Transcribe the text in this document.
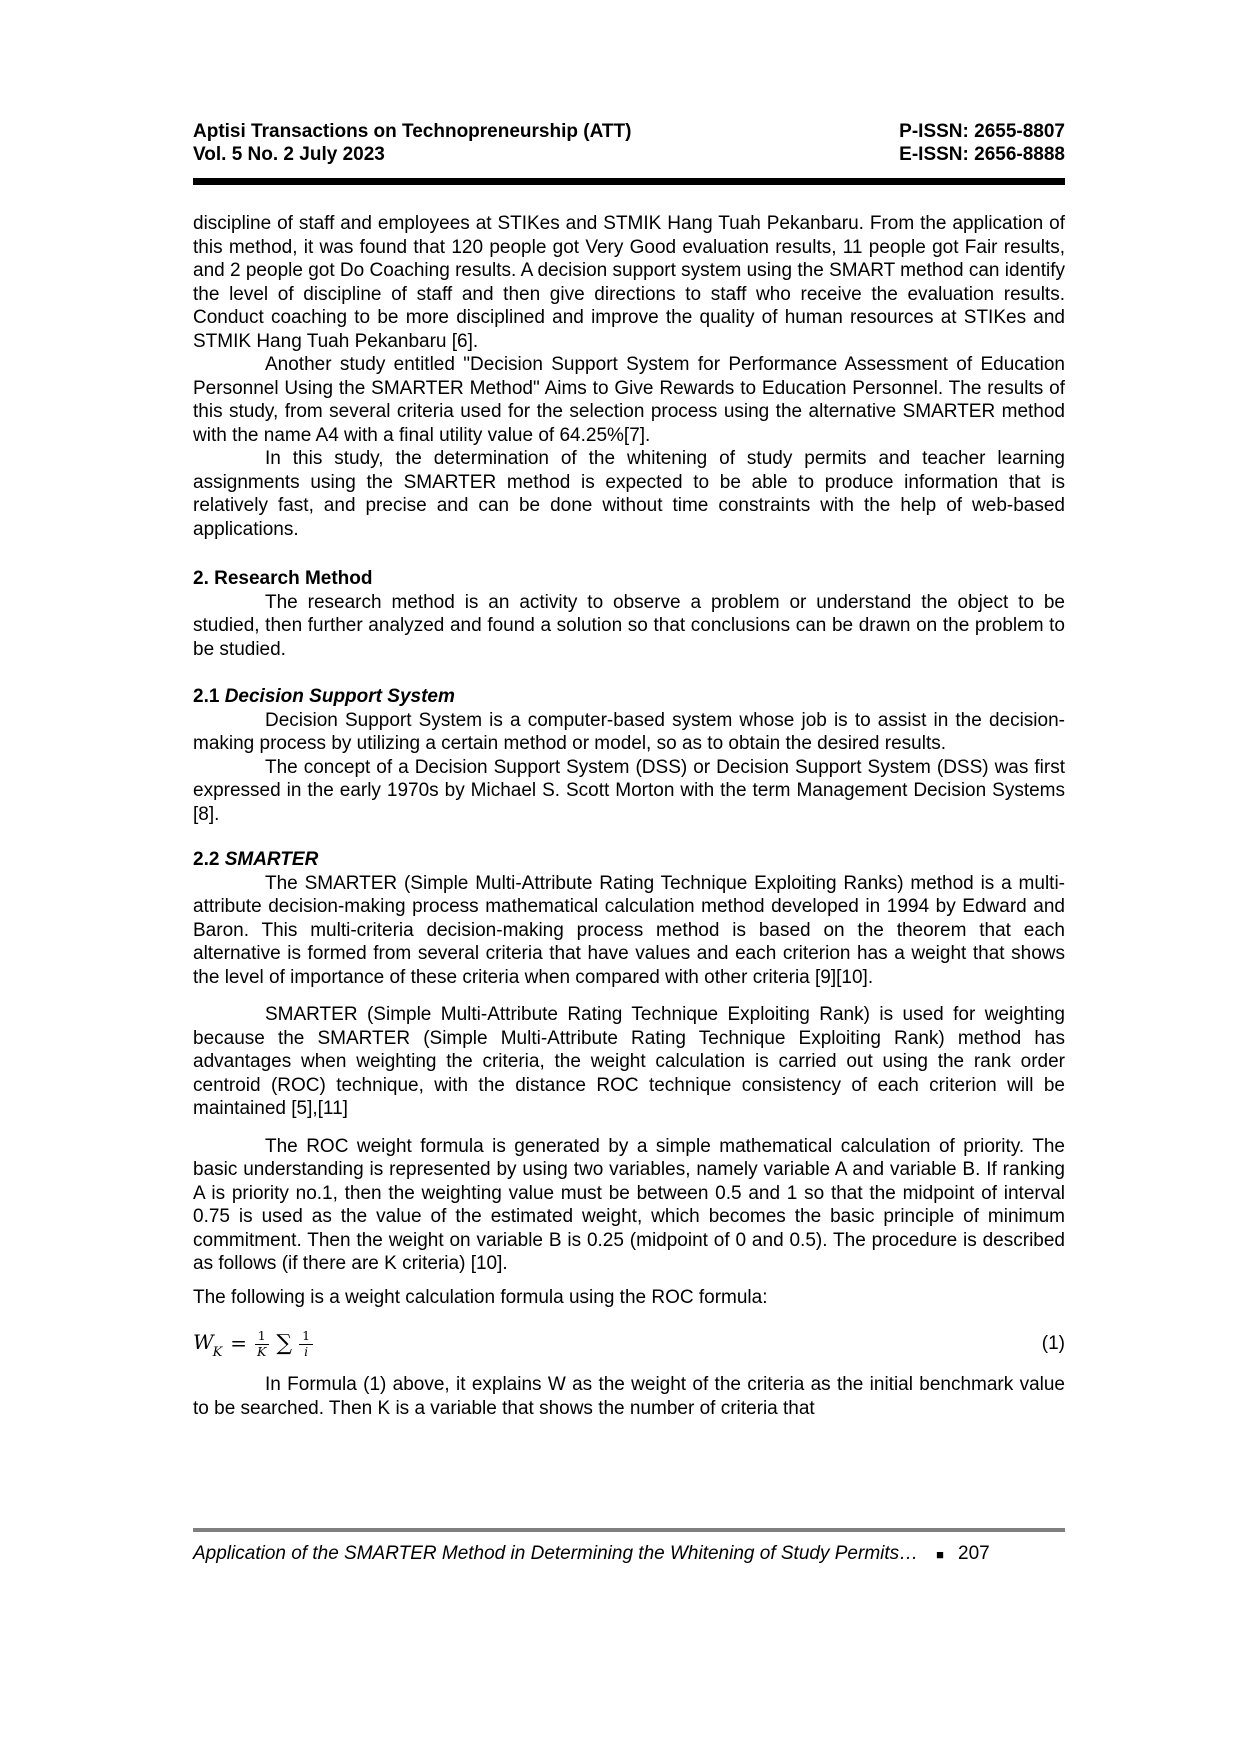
Aptisi Transactions on Technopreneurship (ATT)
Vol. 5 No. 2 July 2023
P-ISSN: 2655-8807
E-ISSN: 2656-8888

discipline of staff and employees at STIKes and STMIK Hang Tuah Pekanbaru. From the application of this method, it was found that 120 people got Very Good evaluation results, 11 people got Fair results, and 2 people got Do Coaching results. A decision support system using the SMART method can identify the level of discipline of staff and then give directions to staff who receive the evaluation results. Conduct coaching to be more disciplined and improve the quality of human resources at STIKes and STMIK Hang Tuah Pekanbaru [6].

Another study entitled "Decision Support System for Performance Assessment of Education Personnel Using the SMARTER Method" Aims to Give Rewards to Education Personnel. The results of this study, from several criteria used for the selection process using the alternative SMARTER method with the name A4 with a final utility value of 64.25%[7].

In this study, the determination of the whitening of study permits and teacher learning assignments using the SMARTER method is expected to be able to produce information that is relatively fast, and precise and can be done without time constraints with the help of web-based applications.

2. Research Method

The research method is an activity to observe a problem or understand the object to be studied, then further analyzed and found a solution so that conclusions can be drawn on the problem to be studied.

2.1 Decision Support System

Decision Support System is a computer-based system whose job is to assist in the decision-making process by utilizing a certain method or model, so as to obtain the desired results.

The concept of a Decision Support System (DSS) or Decision Support System (DSS) was first expressed in the early 1970s by Michael S. Scott Morton with the term Management Decision Systems [8].

2.2 SMARTER

The SMARTER (Simple Multi-Attribute Rating Technique Exploiting Ranks) method is a multi-attribute decision-making process mathematical calculation method developed in 1994 by Edward and Baron. This multi-criteria decision-making process method is based on the theorem that each alternative is formed from several criteria that have values and each criterion has a weight that shows the level of importance of these criteria when compared with other criteria [9][10].

SMARTER (Simple Multi-Attribute Rating Technique Exploiting Rank) is used for weighting because the SMARTER (Simple Multi-Attribute Rating Technique Exploiting Rank) method has advantages when weighting the criteria, the weight calculation is carried out using the rank order centroid (ROC) technique, with the distance ROC technique consistency of each criterion will be maintained [5],[11]

The ROC weight formula is generated by a simple mathematical calculation of priority. The basic understanding is represented by using two variables, namely variable A and variable B. If ranking A is priority no.1, then the weighting value must be between 0.5 and 1 so that the midpoint of interval 0.75 is used as the value of the estimated weight, which becomes the basic principle of minimum commitment. Then the weight on variable B is 0.25 (midpoint of 0 and 0.5). The procedure is described as follows (if there are K criteria) [10].

The following is a weight calculation formula using the ROC formula:

$W_K = \frac{1}{K}$ ∑ $\frac{1}{i}$	(1)

In Formula (1) above, it explains W as the weight of the criteria as the initial benchmark value to be searched. Then K is a variable that shows the number of criteria that

Application of the SMARTER Method in Determining the Whitening of Study Permits… ■ 207
